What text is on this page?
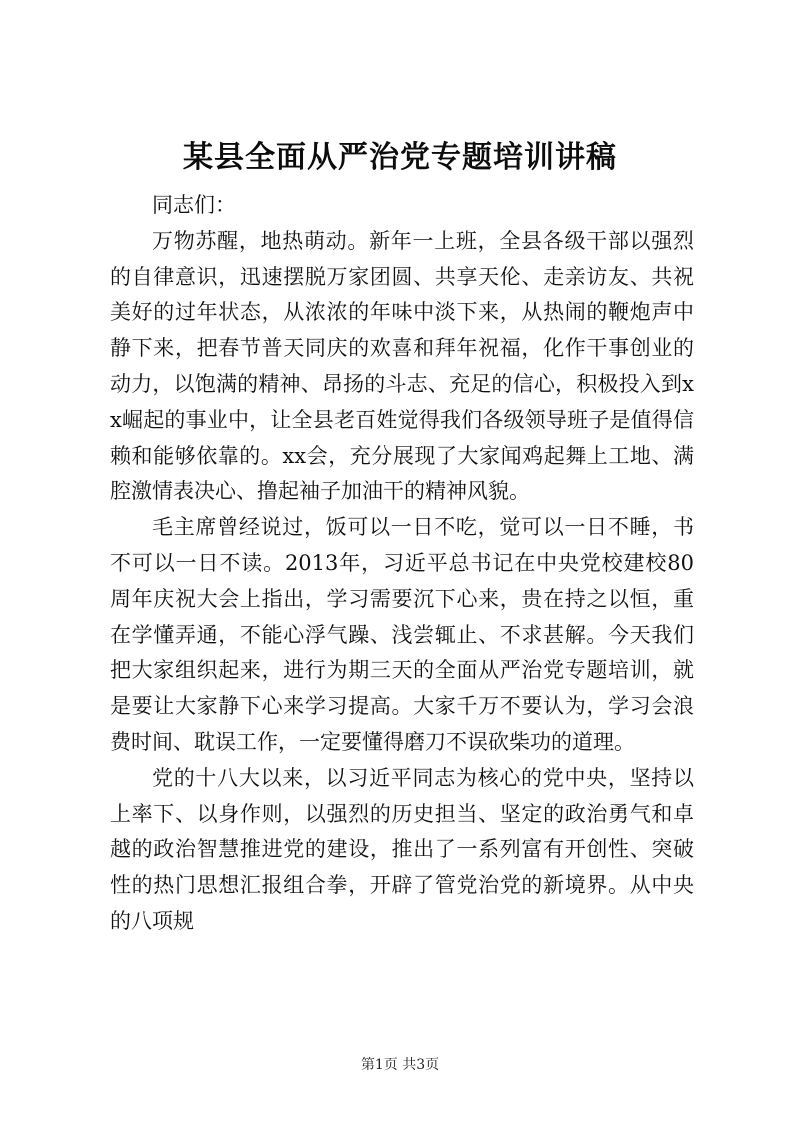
某县全面从严治党专题培训讲稿

同志们：

万物苏醒，地热萌动。新年一上班，全县各级干部以强烈的自律意识，迅速摆脱万家团圆、共享天伦、走亲访友、共祝美好的过年状态，从浓浓的年味中淡下来，从热闹的鞭炮声中静下来，把春节普天同庆的欢喜和拜年祝福，化作干事创业的动力，以饱满的精神、昂扬的斗志、充足的信心，积极投入到xx崛起的事业中，让全县老百姓觉得我们各级领导班子是值得信赖和能够依靠的。xx会，充分展现了大家闻鸡起舞上工地、满腔激情表决心、撸起袖子加油干的精神风貌。

毛主席曾经说过，饭可以一日不吃，觉可以一日不睡，书不可以一日不读。2013年，习近平总书记在中央党校建校80周年庆祝大会上指出，学习需要沉下心来，贵在持之以恒，重在学懂弄通，不能心浮气躁、浅尝辄止、不求甚解。今天我们把大家组织起来，进行为期三天的全面从严治党专题培训，就是要让大家静下心来学习提高。大家千万不要认为，学习会浪费时间、耽误工作，一定要懂得磨刀不误砍柴功的道理。

党的十八大以来，以习近平同志为核心的党中央，坚持以上率下、以身作则，以强烈的历史担当、坚定的政治勇气和卓越的政治智慧推进党的建设，推出了一系列富有开创性、突破性的热门思想汇报组合拳，开辟了管党治党的新境界。从中央的八项规

第1页 共3页
